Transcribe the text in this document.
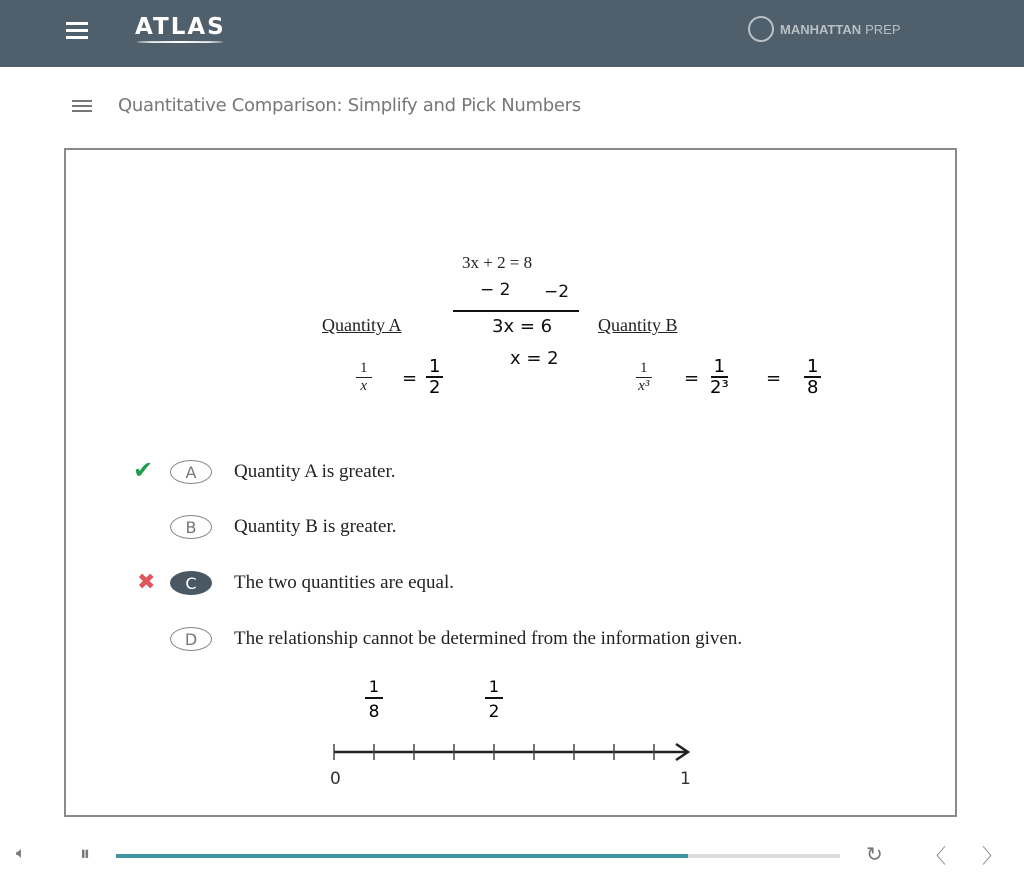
ATLAS	MANHATTAN PREP
Quantitative Comparison: Simplify and Pick Numbers
3x + 2 = 8
− 2 −2
3x = 6
x = 2
Quantity A	Quantity B
$\frac{1}{x} = \frac{1}{2}$	$\frac{1}{\text{x³}} = \frac{1}{\text{2³}} = \frac{1}{8}$
0	1
1
8
1
2
✔
✖
A	Quantity A is greater.
B	Quantity B is greater.
C	The two quantities are equal.
D	The relationship cannot be determined from the information given.
🔈︎	⏸︎	↻ 〈 〉
